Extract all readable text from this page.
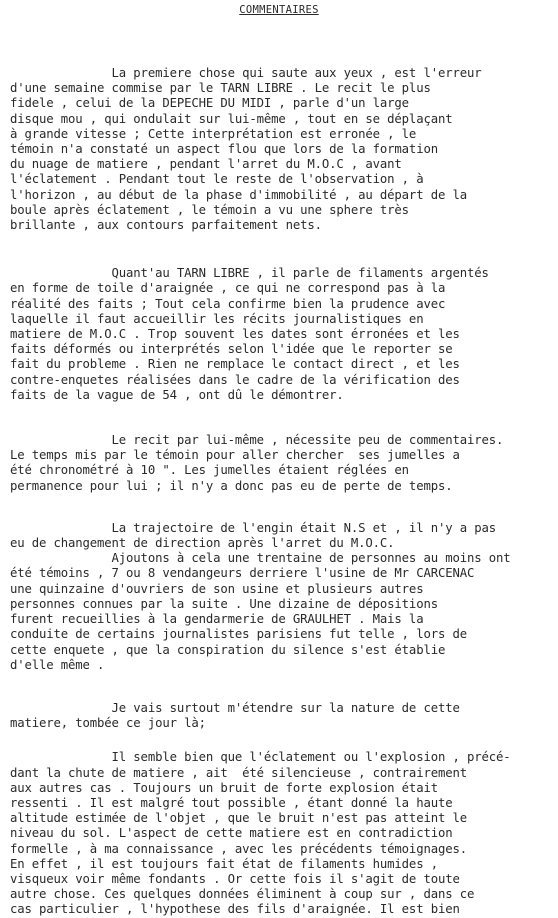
COMMENTAIRES
La premiere chose qui saute aux yeux , est l'erreur
d'une semaine commise par le TARN LIBRE . Le recit le plus
fidele , celui de la DEPECHE DU MIDI , parle d'un large
disque mou , qui ondulait sur lui-même , tout en se déplaçant
à grande vitesse ; Cette interprétation est erronée , le
témoin n'a constaté un aspect flou que lors de la formation
du nuage de matiere , pendant l'arret du M.O.C , avant
l'éclatement . Pendant tout le reste de l'observation , à
l'horizon , au début de la phase d'immobilité , au départ de la
boule après éclatement , le témoin a vu une sphere très
brillante , aux contours parfaitement nets.
Quant'au TARN LIBRE , il parle de filaments argentés
en forme de toile d'araignée , ce qui ne correspond pas à la
réalité des faits ; Tout cela confirme bien la prudence avec
laquelle il faut accueillir les récits journalistiques en
matiere de M.O.C . Trop souvent les dates sont érronées et les
faits déformés ou interprétés selon l'idée que le reporter se
fait du probleme . Rien ne remplace le contact direct , et les
contre-enquetes réalisées dans le cadre de la vérification des
faits de la vague de 54 , ont dû le démontrer.
Le recit par lui-même , nécessite peu de commentaires.
Le temps mis par le témoin pour aller chercher  ses jumelles a
été chronométré à 10 ". Les jumelles étaient réglées en
permanence pour lui ; il n'y a donc pas eu de perte de temps.
La trajectoire de l'engin était N.S et , il n'y a pas
eu de changement de direction après l'arret du M.O.C.
Ajoutons à cela une trentaine de personnes au moins ont
été témoins , 7 ou 8 vendangeurs derriere l'usine de Mr CARCENAC
une quinzaine d'ouvriers de son usine et plusieurs autres
personnes connues par la suite . Une dizaine de dépositions
furent recueillies à la gendarmerie de GRAULHET . Mais la
conduite de certains journalistes parisiens fut telle , lors de
cette enquete , que la conspiration du silence s'est établie
d'elle même .
Je vais surtout m'étendre sur la nature de cette
matiere, tombée ce jour là;
Il semble bien que l'éclatement ou l'explosion , précé-
dant la chute de matiere , ait  été silencieuse , contrairement
aux autres cas . Toujours un bruit de forte explosion était
ressenti . Il est malgré tout possible , étant donné la haute
altitude estimée de l'objet , que le bruit n'est pas atteint le
niveau du sol. L'aspect de cette matiere est en contradiction
formelle , à ma connaissance , avec les précédents témoignages.
En effet , il est toujours fait état de filaments humides ,
visqueux voir même fondants . Or cette fois il s'agit de toute
autre chose. Ces quelques données éliminent à coup sur , dans ce
cas particulier , l'hypothese des fils d'araignée. Il est bien
